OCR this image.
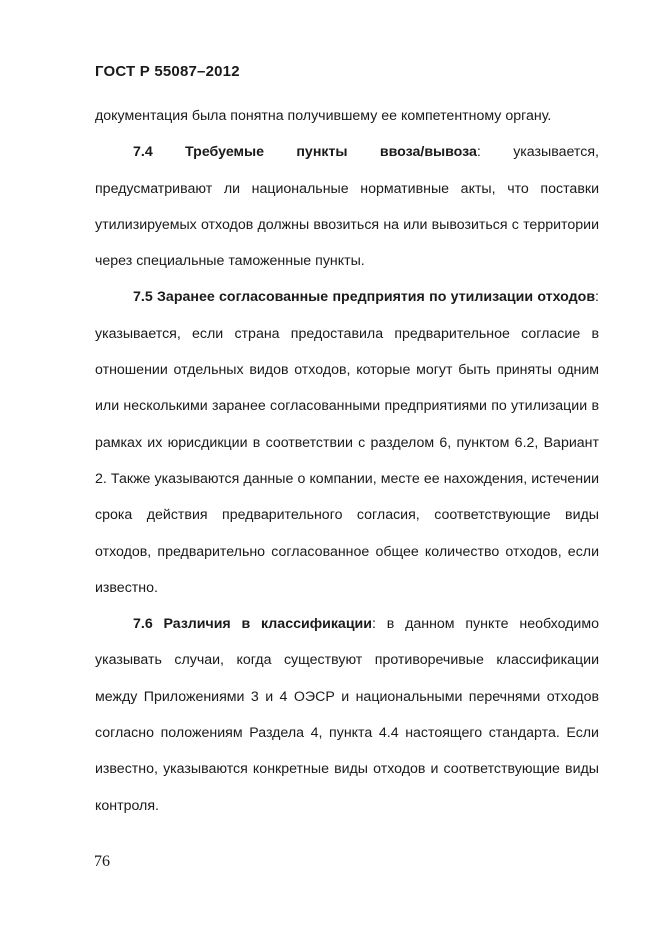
ГОСТ Р 55087–2012

документация была понятна получившему ее компетентному органу.

7.4 Требуемые пункты ввоза/вывоза: указывается, предусматривают ли национальные нормативные акты, что поставки утилизируемых отходов должны ввозиться на или вывозиться с территории через специальные таможенные пункты.

7.5 Заранее согласованные предприятия по утилизации отходов: указывается, если страна предоставила предварительное согласие в отношении отдельных видов отходов, которые могут быть приняты одним или несколькими заранее согласованными предприятиями по утилизации в рамках их юрисдикции в соответствии с разделом 6, пунктом 6.2, Вариант 2. Также указываются данные о компании, месте ее нахождения, истечении срока действия предварительного согласия, соответствующие виды отходов, предварительно согласованное общее количество отходов, если известно.

7.6 Различия в классификации: в данном пункте необходимо указывать случаи, когда существуют противоречивые классификации между Приложениями 3 и 4 ОЭСР и национальными перечнями отходов согласно положениям Раздела 4, пункта 4.4 настоящего стандарта. Если известно, указываются конкретные виды отходов и соответствующие виды контроля.

76
